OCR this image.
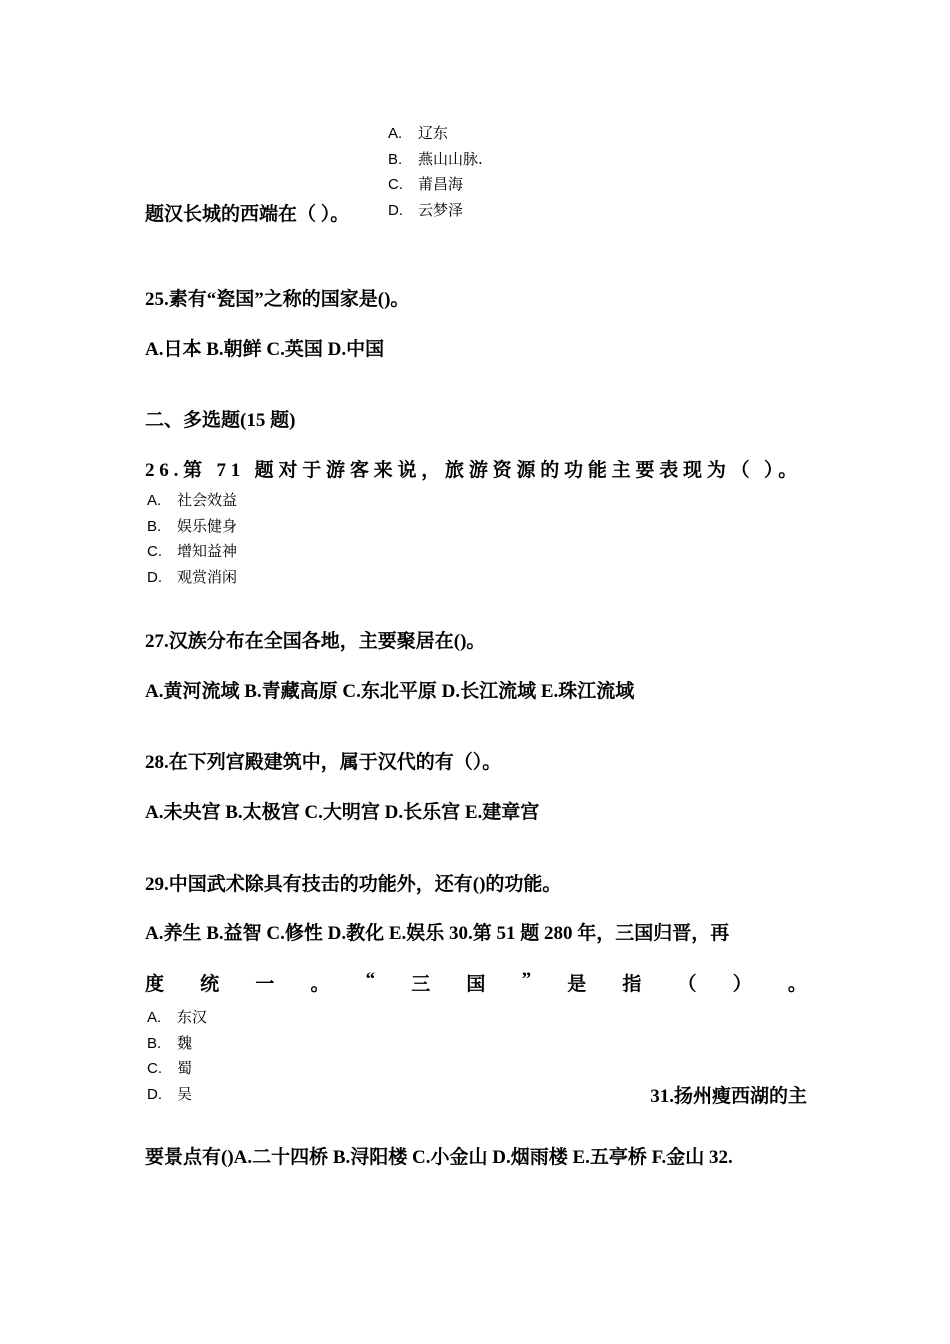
A. 辽东
B. 燕山山脉.
C. 莆昌海
D. 云梦泽
题汉长城的西端在（ ）。
25.素有“瓷国”之称的国家是()。
A.日本 B.朝鲜 C.英国 D.中国
二、多选题(15 题)
26.第 71 题对于游客来说，旅游资源的功能主要表现为（ ）。
A. 社会效益
B. 娱乐健身
C. 增知益神
D. 观赏消闲
27.汉族分布在全国各地，主要聚居在()。
A.黄河流域 B.青藏高原 C.东北平原 D.长江流域 E.珠江流域
28.在下列宫殿建筑中，属于汉代的有（）。
A.未央宫 B.太极宫 C.大明宫 D.长乐宫 E.建章宫
29.中国武术除具有技击的功能外，还有()的功能。
A.养生 B.益智 C.修性 D.教化 E.娱乐 30.第 51 题 280 年，三国归晋，再
度 统 一 。 “ 三 国 ” 是 指 （ ） 。
A. 东汉
B. 魏
C. 蜀
D. 吴	31.扬州瘦西湖的主
要景点有()A.二十四桥 B.浔阳楼 C.小金山 D.烟雨楼 E.五亭桥 F.金山 32.
